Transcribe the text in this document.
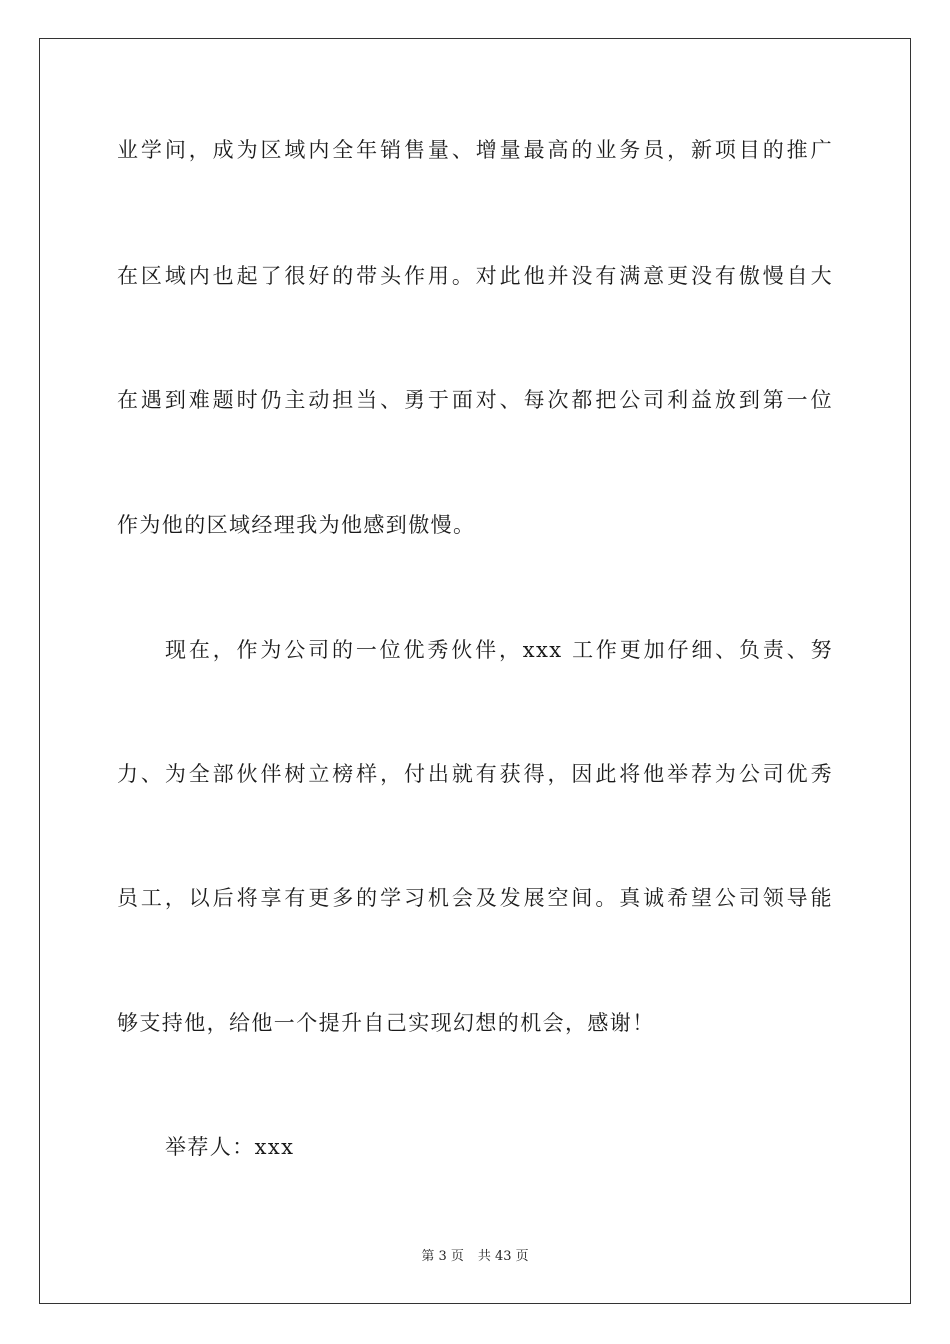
业学问，成为区域内全年销售量、增量最高的业务员，新项目的推广
在区域内也起了很好的带头作用。对此他并没有满意更没有傲慢自大
在遇到难题时仍主动担当、勇于面对、每次都把公司利益放到第一位
作为他的区域经理我为他感到傲慢。
现在，作为公司的一位优秀伙伴，xxx 工作更加仔细、负责、努
力、为全部伙伴树立榜样，付出就有获得，因此将他举荐为公司优秀
员工，以后将享有更多的学习机会及发展空间。真诚希望公司领导能
够支持他，给他一个提升自己实现幻想的机会，感谢！
举荐人：xxx
第 3 页 共 43 页
